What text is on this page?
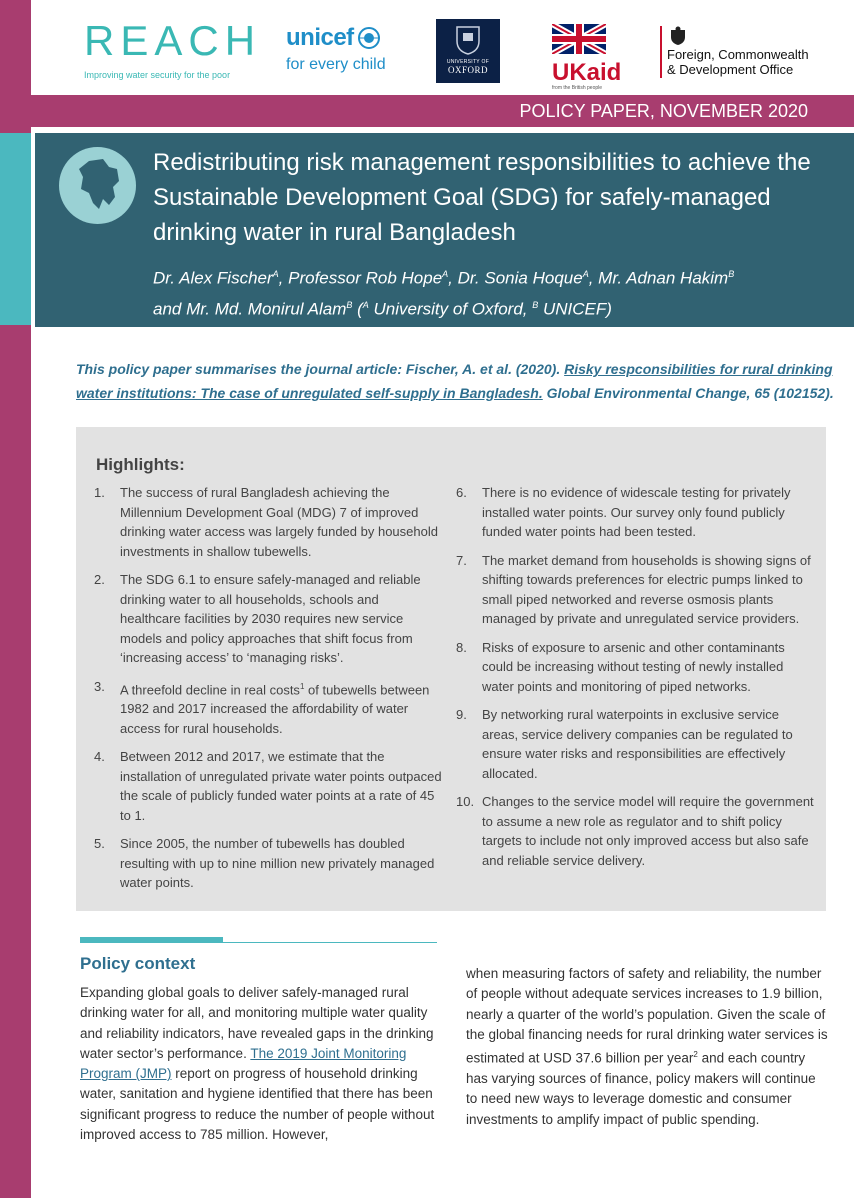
REACH
Improving water security for the poor
unicef
for every child	UNIVERSITY OF
OXFORD	UKaid
from the British people
Foreign, Commonwealth
& Development Office
POLICY PAPER, NOVEMBER 2020
Redistributing risk management responsibilities to achieve the Sustainable Development Goal (SDG) for safely-managed drinking water in rural Bangladesh
Dr. Alex Fischer$^A$, Professor Rob Hope$^A$, Dr. Sonia Hoque$^A$, Mr. Adnan Hakim$^B$
and Mr. Md. Monirul Alam$^B$ ($^A$ University of Oxford, $^B$ UNICEF)
This policy paper summarises the journal article: Fischer, A. et al. (2020). Risky respconsibilities for rural drinking water institutions: The case of unregulated self-supply in Bangladesh. Global Environmental Change, 65 (102152).
Highlights:
1.	The success of rural Bangladesh achieving the Millennium Development Goal (MDG) 7 of improved drinking water access was largely funded by household investments in shallow tubewells.
2.	The SDG 6.1 to ensure safely-managed and reliable drinking water to all households, schools and healthcare facilities by 2030 requires new service models and policy approaches that shift focus from ‘increasing access’ to ‘managing risks’.
3.	A threefold decline in real costs$^1$ of tubewells between 1982 and 2017 increased the affordability of water access for rural households.
4.	Between 2012 and 2017, we estimate that the installation of unregulated private water points outpaced the scale of publicly funded water points at a rate of 45 to 1.
5.	Since 2005, the number of tubewells has doubled resulting with up to nine million new privately managed water points.
6.	There is no evidence of widescale testing for privately installed water points. Our survey only found publicly funded water points had been tested.
7.	The market demand from households is showing signs of shifting towards preferences for electric pumps linked to small piped networked and reverse osmosis plants managed by private and unregulated service providers.
8.	Risks of exposure to arsenic and other contaminants could be increasing without testing of newly installed water points and monitoring of piped networks.
9.	By networking rural waterpoints in exclusive service areas, service delivery companies can be regulated to ensure water risks and responsibilities are effectively allocated.
10. Changes to the service model will require the government to assume a new role as regulator and to shift policy targets to include not only improved access but also safe and reliable service delivery.
Policy context
Expanding global goals to deliver safely-managed rural drinking water for all, and monitoring multiple water quality and reliability indicators, have revealed gaps in the drinking water sector’s performance. The 2019 Joint Monitoring Program (JMP) report on progress of household drinking water, sanitation and hygiene identified that there has been significant progress to reduce the number of people without improved access to 785 million. However,
when measuring factors of safety and reliability, the number of people without adequate services increases to 1.9 billion, nearly a quarter of the world’s population. Given the scale of the global financing needs for rural drinking water services is estimated at USD 37.6 billion per year$^2$ and each country has varying sources of finance, policy makers will continue to need new ways to leverage domestic and consumer investments to amplify impact of public spending.
